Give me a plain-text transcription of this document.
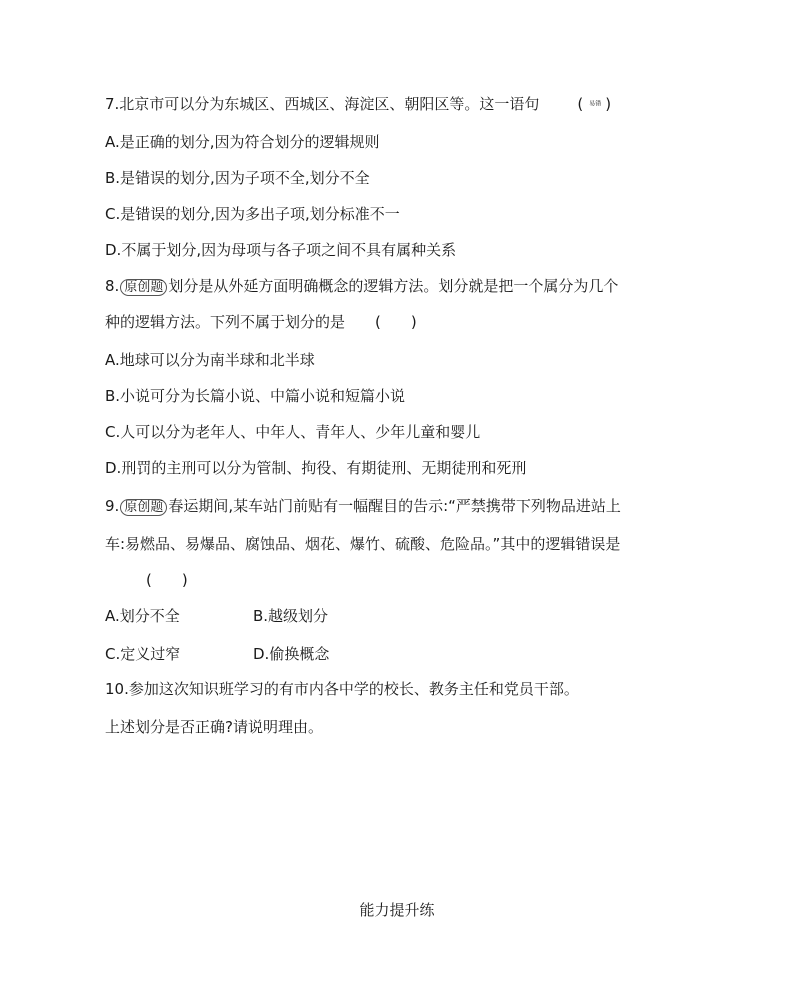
7.北京市可以分为东城区、西城区、海淀区、朝阳区等。这一语句	( 易错 )
A.是正确的划分,因为符合划分的逻辑规则
B.是错误的划分,因为子项不全,划分不全
C.是错误的划分,因为多出子项,划分标准不一
D.不属于划分,因为母项与各子项之间不具有属种关系
8. 原创题 划分是从外延方面明确概念的逻辑方法。划分就是把一个属分为几个
种的逻辑方法。下列不属于划分的是 (　　)
A.地球可以分为南半球和北半球
B.小说可分为长篇小说、中篇小说和短篇小说
C.人可以分为老年人、中年人、青年人、少年儿童和婴儿
D.刑罚的主刑可以分为管制、拘役、有期徒刑、无期徒刑和死刑
9. 原创题 春运期间,某车站门前贴有一幅醒目的告示:“严禁携带下列物品进站上
车:易燃品、易爆品、腐蚀品、烟花、爆竹、硫酸、危险品。”其中的逻辑错误是
(　　)
A.划分不全	B.越级划分
C.定义过窄	D.偷换概念
10.参加这次知识班学习的有市内各中学的校长、教务主任和党员干部。
上述划分是否正确?请说明理由。
能力提升练
